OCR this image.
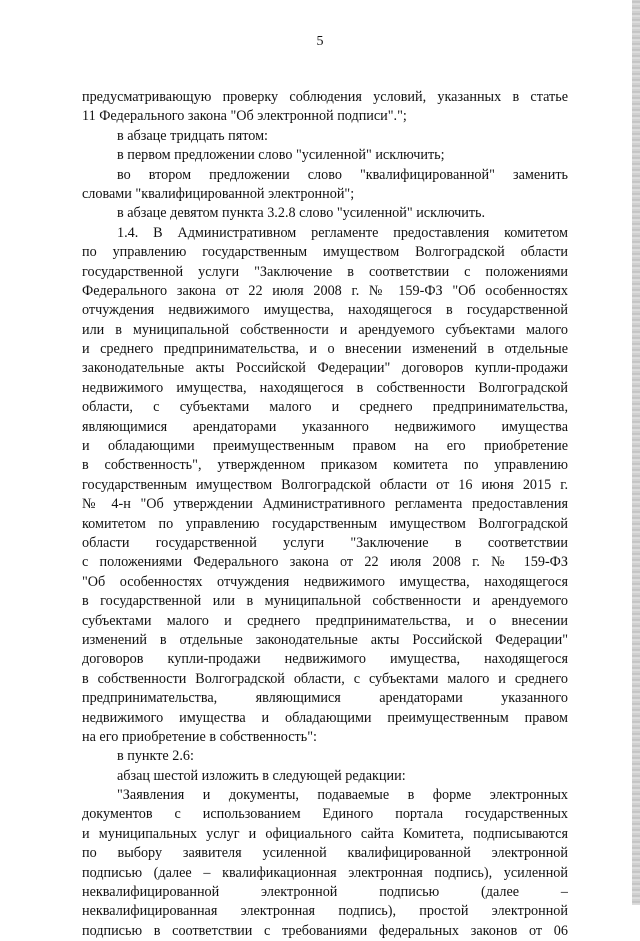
5
предусматривающую проверку соблюдения условий, указанных в статье
11 Федерального закона "Об электронной подписи".";
в абзаце тридцать пятом:
в первом предложении слово "усиленной" исключить;
во втором предложении слово "квалифицированной" заменить
словами "квалифицированной электронной";
в абзаце девятом пункта 3.2.8 слово "усиленной" исключить.
1.4. В Административном регламенте предоставления комитетом
по управлению государственным имуществом Волгоградской области
государственной услуги "Заключение в соответствии с положениями
Федерального закона от 22 июля 2008 г. № 159-ФЗ "Об особенностях
отчуждения недвижимого имущества, находящегося в государственной
или в муниципальной собственности и арендуемого субъектами малого
и среднего предпринимательства, и о внесении изменений в отдельные
законодательные акты Российской Федерации" договоров купли-продажи
недвижимого имущества, находящегося в собственности Волгоградской
области, с субъектами малого и среднего предпринимательства,
являющимися арендаторами указанного недвижимого имущества
и обладающими преимущественным правом на его приобретение
в собственность", утвержденном приказом комитета по управлению
государственным имуществом Волгоградской области от 16 июня 2015 г.
№ 4-н "Об утверждении Административного регламента предоставления
комитетом по управлению государственным имуществом Волгоградской
области государственной услуги "Заключение в соответствии
с положениями Федерального закона от 22 июля 2008 г. № 159-ФЗ
"Об особенностях отчуждения недвижимого имущества, находящегося
в государственной или в муниципальной собственности и арендуемого
субъектами малого и среднего предпринимательства, и о внесении
изменений в отдельные законодательные акты Российской Федерации"
договоров купли-продажи недвижимого имущества, находящегося
в собственности Волгоградской области, с субъектами малого и среднего
предпринимательства, являющимися арендаторами указанного
недвижимого имущества и обладающими преимущественным правом
на его приобретение в собственность":
в пункте 2.6:
абзац шестой изложить в следующей редакции:
"Заявления и документы, подаваемые в форме электронных
документов с использованием Единого портала государственных
и муниципальных услуг и официального сайта Комитета, подписываются
по выбору заявителя усиленной квалифицированной электронной
подписью (далее – квалификационная электронная подпись), усиленной
неквалифицированной электронной подписью (далее –
неквалифицированная электронная подпись), простой электронной
подписью в соответствии с требованиями федеральных законов от 06
